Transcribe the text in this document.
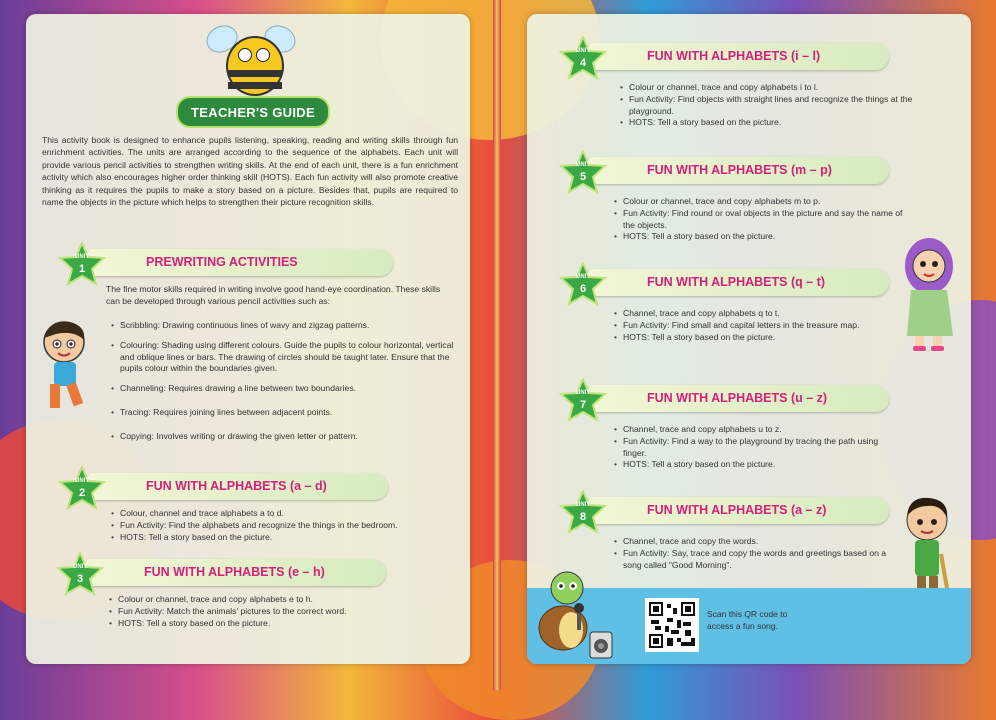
TEACHER'S GUIDE

This activity book is designed to enhance pupils listening, speaking, reading and writing skills through fun enrichment activities. The units are arranged according to the sequence of the alphabets. Each unit will provide various pencil activities to strengthen writing skills. At the end of each unit, there is a fun enrichment activity which also encourages higher order thinking skill (HOTS). Each fun activity will also promote creative thinking as it requires the pupils to make a story based on a picture. Besides that, pupils are required to name the objects in the picture which helps to strengthen their picture recognition skills.

PREWRITING ACTIVITIES
UNIT
1

The fine motor skills required in writing involve good hand-eye coordination. These skills can be developed through various pencil activities such as:

• Scribbling: Drawing continuous lines of wavy and zigzag patterns.
• Colouring: Shading using different colours. Guide the pupils to colour horizontal, vertical and oblique lines or bars. The drawing of circles should be taught later. Ensure that the pupils colour within the boundaries given.
• Channeling: Requires drawing a line between two boundaries.
• Tracing: Requires joining lines between adjacent points.
• Copying: Involves writing or drawing the given letter or pattern.
FUN WITH ALPHABETS (a – d)
UNIT
2
• Colour, channel and trace alphabets a to d.
• Fun Activity: Find the alphabets and recognize the things in the bedroom.
• HOTS: Tell a story based on the picture.
FUN WITH ALPHABETS (e – h)
UNIT
3
• Colour or channel, trace and copy alphabets e to h.
• Fun Activity: Match the animals' pictures to the correct word.
• HOTS: Tell a story based on the picture.
FUN WITH ALPHABETS (i – l)
UNIT
4
• Colour or channel, trace and copy alphabets i to l.
• Fun Activity: Find objects with straight lines and recognize the things at the playground.
• HOTS: Tell a story based on the picture.
FUN WITH ALPHABETS (m – p)
UNIT
5
• Colour or channel, trace and copy alphabets m to p.
• Fun Activity: Find round or oval objects in the picture and say the name of the objects.
• HOTS: Tell a story based on the picture.
FUN WITH ALPHABETS (q – t)
UNIT
6
• Channel, trace and copy alphabets q to t.
• Fun Activity: Find small and capital letters in the treasure map.
• HOTS: Tell a story based on the picture.
FUN WITH ALPHABETS (u – z)
UNIT
7
• Channel, trace and copy alphabets u to z.
• Fun Activity: Find a way to the playground by tracing the path using finger.
• HOTS: Tell a story based on the picture.
FUN WITH ALPHABETS (a – z)
UNIT
8
• Channel, trace and copy the words.
• Fun Activity: Say, trace and copy the words and greetings based on a song called "Good Morning".
Scan this QR code to access a fun song.
